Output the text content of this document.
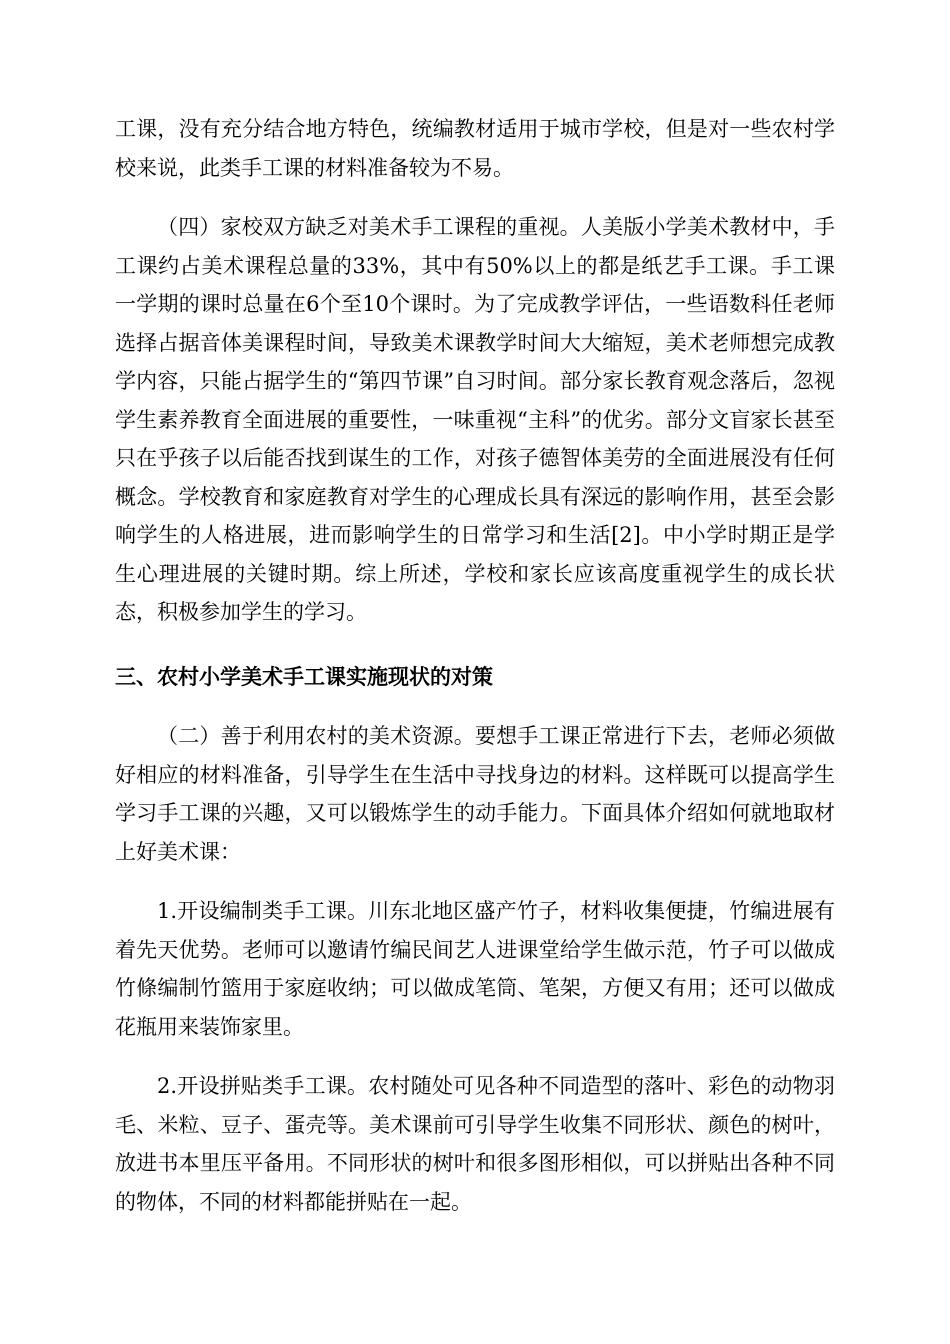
工课，没有充分结合地方特色，统编教材适用于城市学校，但是对一些农村学校来说，此类手工课的材料准备较为不易。

（四）家校双方缺乏对美术手工课程的重视。人美版小学美术教材中，手工课约占美术课程总量的33%，其中有50%以上的都是纸艺手工课。手工课一学期的课时总量在6个至10个课时。为了完成教学评估，一些语数科任老师选择占据音体美课程时间，导致美术课教学时间大大缩短，美术老师想完成教学内容，只能占据学生的“第四节课”自习时间。部分家长教育观念落后，忽视学生素养教育全面进展的重要性，一味重视“主科”的优劣。部分文盲家长甚至只在乎孩子以后能否找到谋生的工作，对孩子德智体美劳的全面进展没有任何概念。学校教育和家庭教育对学生的心理成长具有深远的影响作用，甚至会影响学生的人格进展，进而影响学生的日常学习和生活[2]。中小学时期正是学生心理进展的关键时期。综上所述，学校和家长应该高度重视学生的成长状态，积极参加学生的学习。

三、农村小学美术手工课实施现状的对策

（二）善于利用农村的美术资源。要想手工课正常进行下去，老师必须做好相应的材料准备，引导学生在生活中寻找身边的材料。这样既可以提高学生学习手工课的兴趣，又可以锻炼学生的动手能力。下面具体介绍如何就地取材上好美术课：

1.开设编制类手工课。川东北地区盛产竹子，材料收集便捷，竹编进展有着先天优势。老师可以邀请竹编民间艺人进课堂给学生做示范，竹子可以做成竹條编制竹篮用于家庭收纳；可以做成笔筒、笔架，方便又有用；还可以做成花瓶用来装饰家里。

2.开设拼贴类手工课。农村随处可见各种不同造型的落叶、彩色的动物羽毛、米粒、豆子、蛋壳等。美术课前可引导学生收集不同形状、颜色的树叶，放进书本里压平备用。不同形状的树叶和很多图形相似，可以拼贴出各种不同的物体，不同的材料都能拼贴在一起。
